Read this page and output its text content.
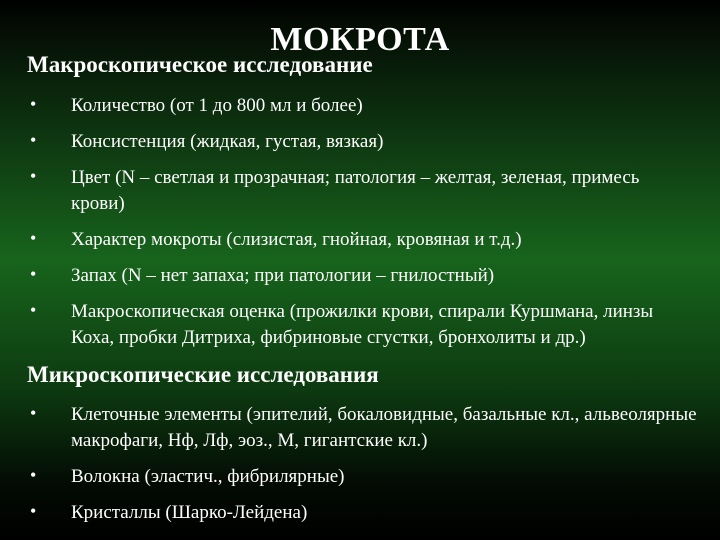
МОКРОТА
Макроскопическое исследование
• Количество (от 1 до 800 мл и более)
• Консистенция (жидкая, густая, вязкая)
• Цвет (N – светлая и прозрачная; патология – желтая, зеленая, примесь крови)
• Характер мокроты (слизистая, гнойная, кровяная и т.д.)
• Запах (N – нет запаха; при патологии – гнилостный)
• Макроскопическая оценка (прожилки крови, спирали Куршмана, линзы Коха, пробки Дитриха, фибриновые сгустки, бронхолиты и др.)
Микроскопические исследования
• Клеточные элементы (эпителий, бокаловидные, базальные кл., альвеолярные макрофаги, Нф, Лф, эоз., М, гигантские кл.)
• Волокна (эластич., фибрилярные)
• Кристаллы (Шарко-Лейдена)
